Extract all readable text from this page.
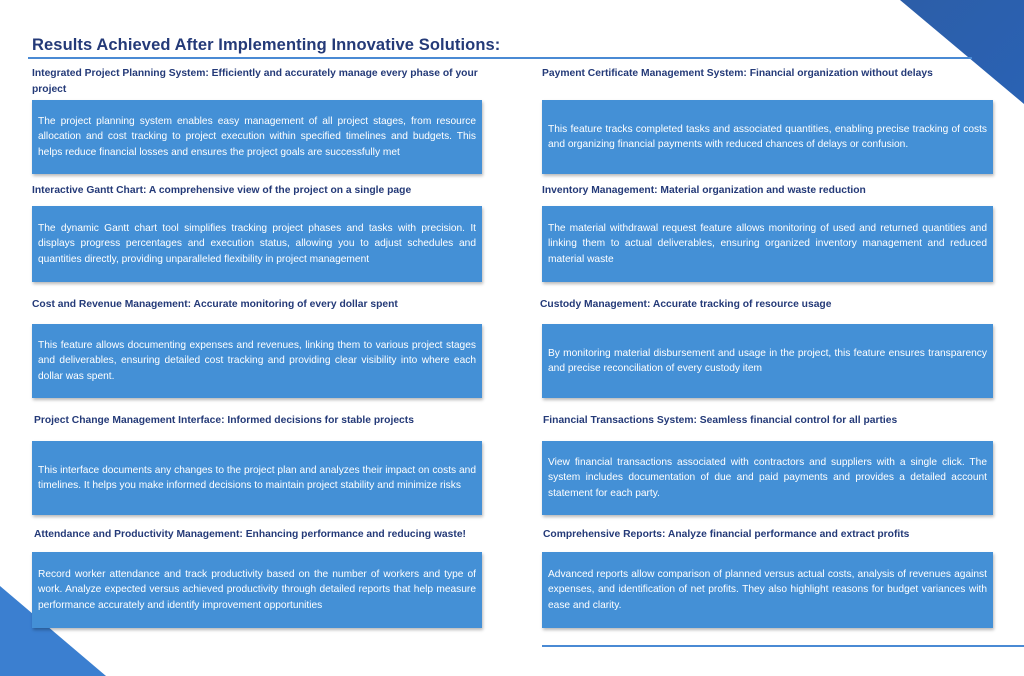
Results Achieved After Implementing Innovative Solutions:
Integrated Project Planning System: Efficiently and accurately manage every phase of your project

The project planning system enables easy management of all project stages, from resource allocation and cost tracking to project execution within specified timelines and budgets. This helps reduce financial losses and ensures the project goals are successfully met

Interactive Gantt Chart: A comprehensive view of the project on a single page

The dynamic Gantt chart tool simplifies tracking project phases and tasks with precision. It displays progress percentages and execution status, allowing you to adjust schedules and quantities directly, providing unparalleled flexibility in project management

Cost and Revenue Management: Accurate monitoring of every dollar spent

This feature allows documenting expenses and revenues, linking them to various project stages and deliverables, ensuring detailed cost tracking and providing clear visibility into where each dollar was spent.

Project Change Management Interface: Informed decisions for stable projects

This interface documents any changes to the project plan and analyzes their impact on costs and timelines. It helps you make informed decisions to maintain project stability and minimize risks

Attendance and Productivity Management: Enhancing performance and reducing waste!

Record worker attendance and track productivity based on the number of workers and type of work. Analyze expected versus achieved productivity through detailed reports that help measure performance accurately and identify improvement opportunities

Payment Certificate Management System: Financial organization without delays

This feature tracks completed tasks and associated quantities, enabling precise tracking of costs and organizing financial payments with reduced chances of delays or confusion.

Inventory Management: Material organization and waste reduction

The material withdrawal request feature allows monitoring of used and returned quantities and linking them to actual deliverables, ensuring organized inventory management and reduced material waste

Custody Management: Accurate tracking of resource usage

By monitoring material disbursement and usage in the project, this feature ensures transparency and precise reconciliation of every custody item

Financial Transactions System: Seamless financial control for all parties

View financial transactions associated with contractors and suppliers with a single click. The system includes documentation of due and paid payments and provides a detailed account statement for each party.

Comprehensive Reports: Analyze financial performance and extract profits

Advanced reports allow comparison of planned versus actual costs, analysis of revenues against expenses, and identification of net profits. They also highlight reasons for budget variances with ease and clarity.
